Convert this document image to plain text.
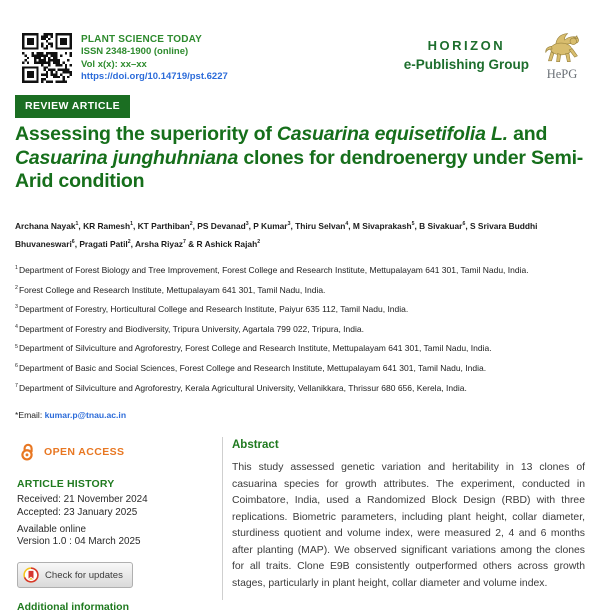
PLANT SCIENCE TODAY
ISSN 2348-1900 (online)
Vol x(x): xx–xx
https://doi.org/10.14719/pst.6227
HORIZON
e-Publishing Group
HePG
REVIEW ARTICLE
Assessing the superiority of Casuarina equisetifolia L. and Casuarina junghuhniana clones for dendroenergy under Semi-Arid condition
Archana Nayak$^1$, KR Ramesh$^1$, KT Parthiban$^2$, PS Devanad$^3$, P Kumar$^3$, Thiru Selvan$^4$, M Sivaprakash$^5$, B Sivakuar$^6$, S Srivara Buddhi Bhuvaneswari$^6$, Pragati Patil$^2$, Arsha Riyaz$^7$ & R Ashick Rajah$^2$
$^1$Department of Forest Biology and Tree Improvement, Forest College and Research Institute, Mettupalayam 641 301, Tamil Nadu, India.
$^2$Forest College and Research Institute, Mettupalayam 641 301, Tamil Nadu, India.
$^3$Department of Forestry, Horticultural College and Research Institute, Paiyur 635 112, Tamil Nadu, India.
$^4$Department of Forestry and Biodiversity, Tripura University, Agartala 799 022, Tripura, India.
$^5$Department of Silviculture and Agroforestry, Forest College and Research Institute, Mettupalayam 641 301, Tamil Nadu, India.
$^6$Department of Basic and Social Sciences, Forest College and Research Institute, Mettupalayam 641 301, Tamil Nadu, India.
$^7$Department of Silviculture and Agroforestry, Kerala Agricultural University, Vellanikkara, Thrissur 680 656, Kerela, India.
*Email: kumar.p@tnau.ac.in
OPEN ACCESS
ARTICLE HISTORY
Received: 21 November 2024
Accepted: 23 January 2025
Available online
Version 1.0 : 04 March 2025
Check for updates
Additional information
Abstract

This study assessed genetic variation and heritability in 13 clones of casuarina species for growth attributes. The experiment, conducted in Coimbatore, India, used a Randomized Block Design (RBD) with three replications. Biometric parameters, including plant height, collar diameter, sturdiness quotient and volume index, were measured 2, 4 and 6 months after planting (MAP). We observed significant variations among the clones for all traits. Clone E9B consistently outperformed others across growth stages, particularly in plant height, collar diameter and volume index.
